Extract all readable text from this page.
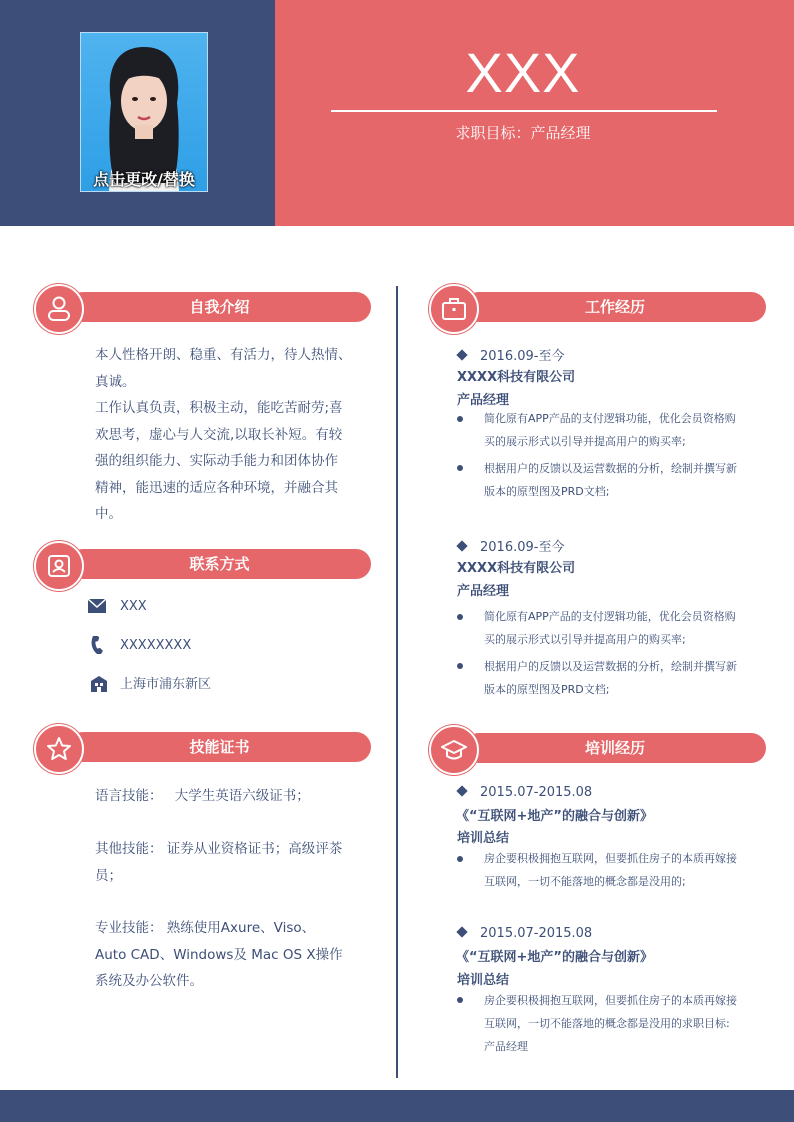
点击更改/替换
XXX
求职目标：产品经理
自我介绍
本人性格开朗、稳重、有活力，待人热情、
真诚。
工作认真负责，积极主动，能吃苦耐劳;喜
欢思考，虚心与人交流,以取长补短。有较
强的组织能力、实际动手能力和团体协作
精神，能迅速的适应各种环境，并融合其
中。
联系方式
XXX
XXXXXXXX
上海市浦东新区
技能证书
语言技能： 大学生英语六级证书；
其他技能： 证券从业资格证书；高级评茶
员；
专业技能： 熟练使用Axure、Viso、
Auto CAD、Windows及 Mac OS X操作
系统及办公软件。
工作经历
2016.09-至今
XXXX科技有限公司
产品经理
简化原有APP产品的支付逻辑功能，优化会员资格购
买的展示形式以引导并提高用户的购买率;
根据用户的反馈以及运营数据的分析，绘制并撰写新
版本的原型图及PRD文档;
2016.09-至今
XXXX科技有限公司
产品经理
简化原有APP产品的支付逻辑功能，优化会员资格购
买的展示形式以引导并提高用户的购买率;
根据用户的反馈以及运营数据的分析，绘制并撰写新
版本的原型图及PRD文档;
培训经历
2015.07-2015.08
《“互联网+地产”的融合与创新》
培训总结
房企要积极拥抱互联网，但要抓住房子的本质再嫁接
互联网，一切不能落地的概念都是没用的;
2015.07-2015.08
《“互联网+地产”的融合与创新》
培训总结
房企要积极拥抱互联网，但要抓住房子的本质再嫁接
互联网，一切不能落地的概念都是没用的求职目标:
产品经理
